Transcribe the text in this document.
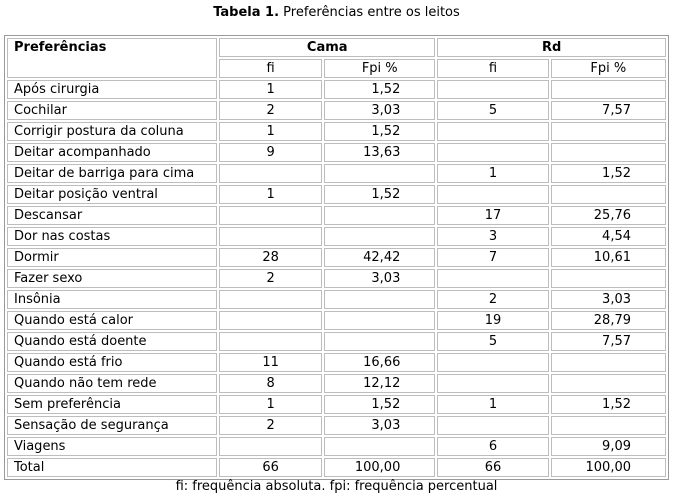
Tabela 1. Preferências entre os leitos
Preferências	Cama		Rd	
	fi	Fpi %	fi	Fpi %
Após cirurgia	1	1,52		
Cochilar	2	3,03	5	7,57
Corrigir postura da coluna	1	1,52		
Deitar acompanhado	9	13,63		
Deitar de barriga para cima			1	1,52
Deitar posição ventral	1	1,52		
Descansar			17	25,76
Dor nas costas			3	4,54
Dormir	28	42,42	7	10,61
Fazer sexo	2	3,03		
Insônia			2	3,03
Quando está calor			19	28,79
Quando está doente			5	7,57
Quando está frio	11	16,66		
Quando não tem rede	8	12,12		
Sem preferência	1	1,52	1	1,52
Sensação de segurança	2	3,03		
Viagens			6	9,09
Total	66	100,00	66	100,00
fi: frequência absoluta. fpi: frequência percentual
